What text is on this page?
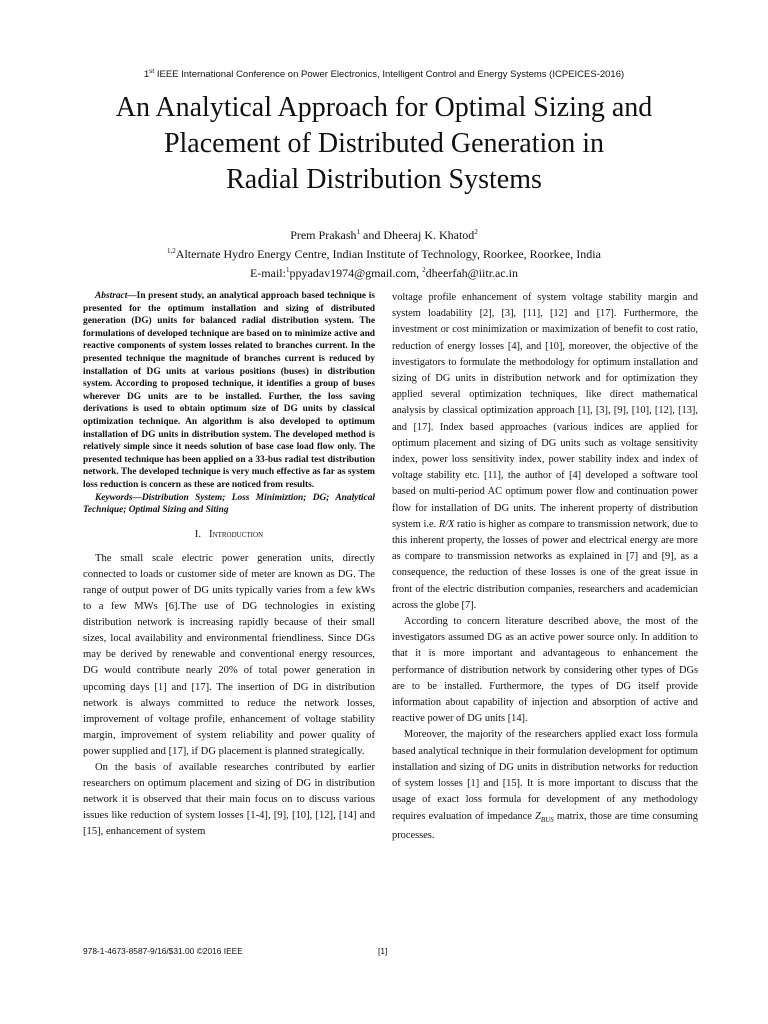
1st IEEE International Conference on Power Electronics, Intelligent Control and Energy Systems (ICPEICES-2016)
An Analytical Approach for Optimal Sizing and
Placement of Distributed Generation in
Radial Distribution Systems
Prem Prakash$^1$ and Dheeraj K. Khatod$^2$
$^{1,2}$Alternate Hydro Energy Centre, Indian Institute of Technology, Roorkee, Roorkee, India
E-mail:$^1$ppyadav1974@gmail.com, $^2$dheerfah@iitr.ac.in

Abstract—In present study, an analytical approach based technique is presented for the optimum installation and sizing of distributed generation (DG) units for balanced radial distribution system. The formulations of developed technique are based on to minimize active and reactive components of system losses related to branches current. In the presented technique the magnitude of branches current is reduced by installation of DG units at various positions (buses) in distribution system. According to proposed technique, it identifies a group of buses wherever DG units are to be installed. Further, the loss saving derivations is used to obtain optimum size of DG units by classical optimization technique. An algorithm is also developed to optimum installation of DG units in distribution system. The developed method is relatively simple since it needs solution of base case load flow only. The presented technique has been applied on a 33-bus radial test distribution network. The developed technique is very much effective as far as system loss reduction is concern as these are noticed from results.

Keywords—Distribution System; Loss Minimiztion; DG; Analytical Technique; Optimal Sizing and Siting

I. Introduction

The small scale electric power generation units, directly connected to loads or customer side of meter are known as DG. The range of output power of DG units typically varies from a few kWs to a few MWs [6].The use of DG technologies in existing distribution network is increasing rapidly because of their small sizes, local availability and environmental friendliness. Since DGs may be derived by renewable and conventional energy resources, DG would contribute nearly 20% of total power generation in upcoming days [1] and [17]. The insertion of DG in distribution network is always committed to reduce the network losses, improvement of voltage profile, enhancement of voltage stability margin, improvement of system reliability and power quality of power supplied and [17], if DG placement is planned strategically.

On the basis of available researches contributed by earlier researchers on optimum placement and sizing of DG in distribution network it is observed that their main focus on to discuss various issues like reduction of system losses [1-4], [9], [10], [12], [14] and [15], enhancement of system

voltage profile enhancement of system voltage stability margin and system loadability [2], [3], [11], [12] and [17]. Furthermore, the investment or cost minimization or maximization of benefit to cost ratio, reduction of energy losses [4], and [10], moreover, the objective of the investigators to formulate the methodology for optimum installation and sizing of DG units in distribution network and for optimization they applied several optimization techniques, like direct mathematical analysis by classical optimization approach [1], [3], [9], [10], [12], [13], and [17]. Index based approaches (various indices are applied for optimum placement and sizing of DG units such as voltage sensitivity index, power loss sensitivity index, power stability index and index of voltage stability etc. [11], the author of [4] developed a software tool based on multi-period AC optimum power flow and continuation power flow for installation of DG units. The inherent property of distribution system i.e. R/X ratio is higher as compare to transmission network, due to this inherent property, the losses of power and electrical energy are more as compare to transmission networks as explained in [7] and [9], as a consequence, the reduction of these losses is one of the great issue in front of the electric distribution companies, researchers and academician across the globe [7].

According to concern literature described above, the most of the investigators assumed DG as an active power source only. In addition to that it is more important and advantageous to enhancement the performance of distribution network by considering other types of DGs are to be installed. Furthermore, the types of DG itself provide information about capability of injection and absorption of active and reactive power of DG units [14].

Moreover, the majority of the researchers applied exact loss formula based analytical technique in their formulation development for optimum installation and sizing of DG units in distribution networks for reduction of system losses [1] and [15]. It is more important to discuss that the usage of exact loss formula for development of any methodology requires evaluation of impedance $Z_{BUS}$ matrix, those are time consuming processes.

978-1-4673-8587-9/16/$31.00 ©2016 IEEE	[1]
